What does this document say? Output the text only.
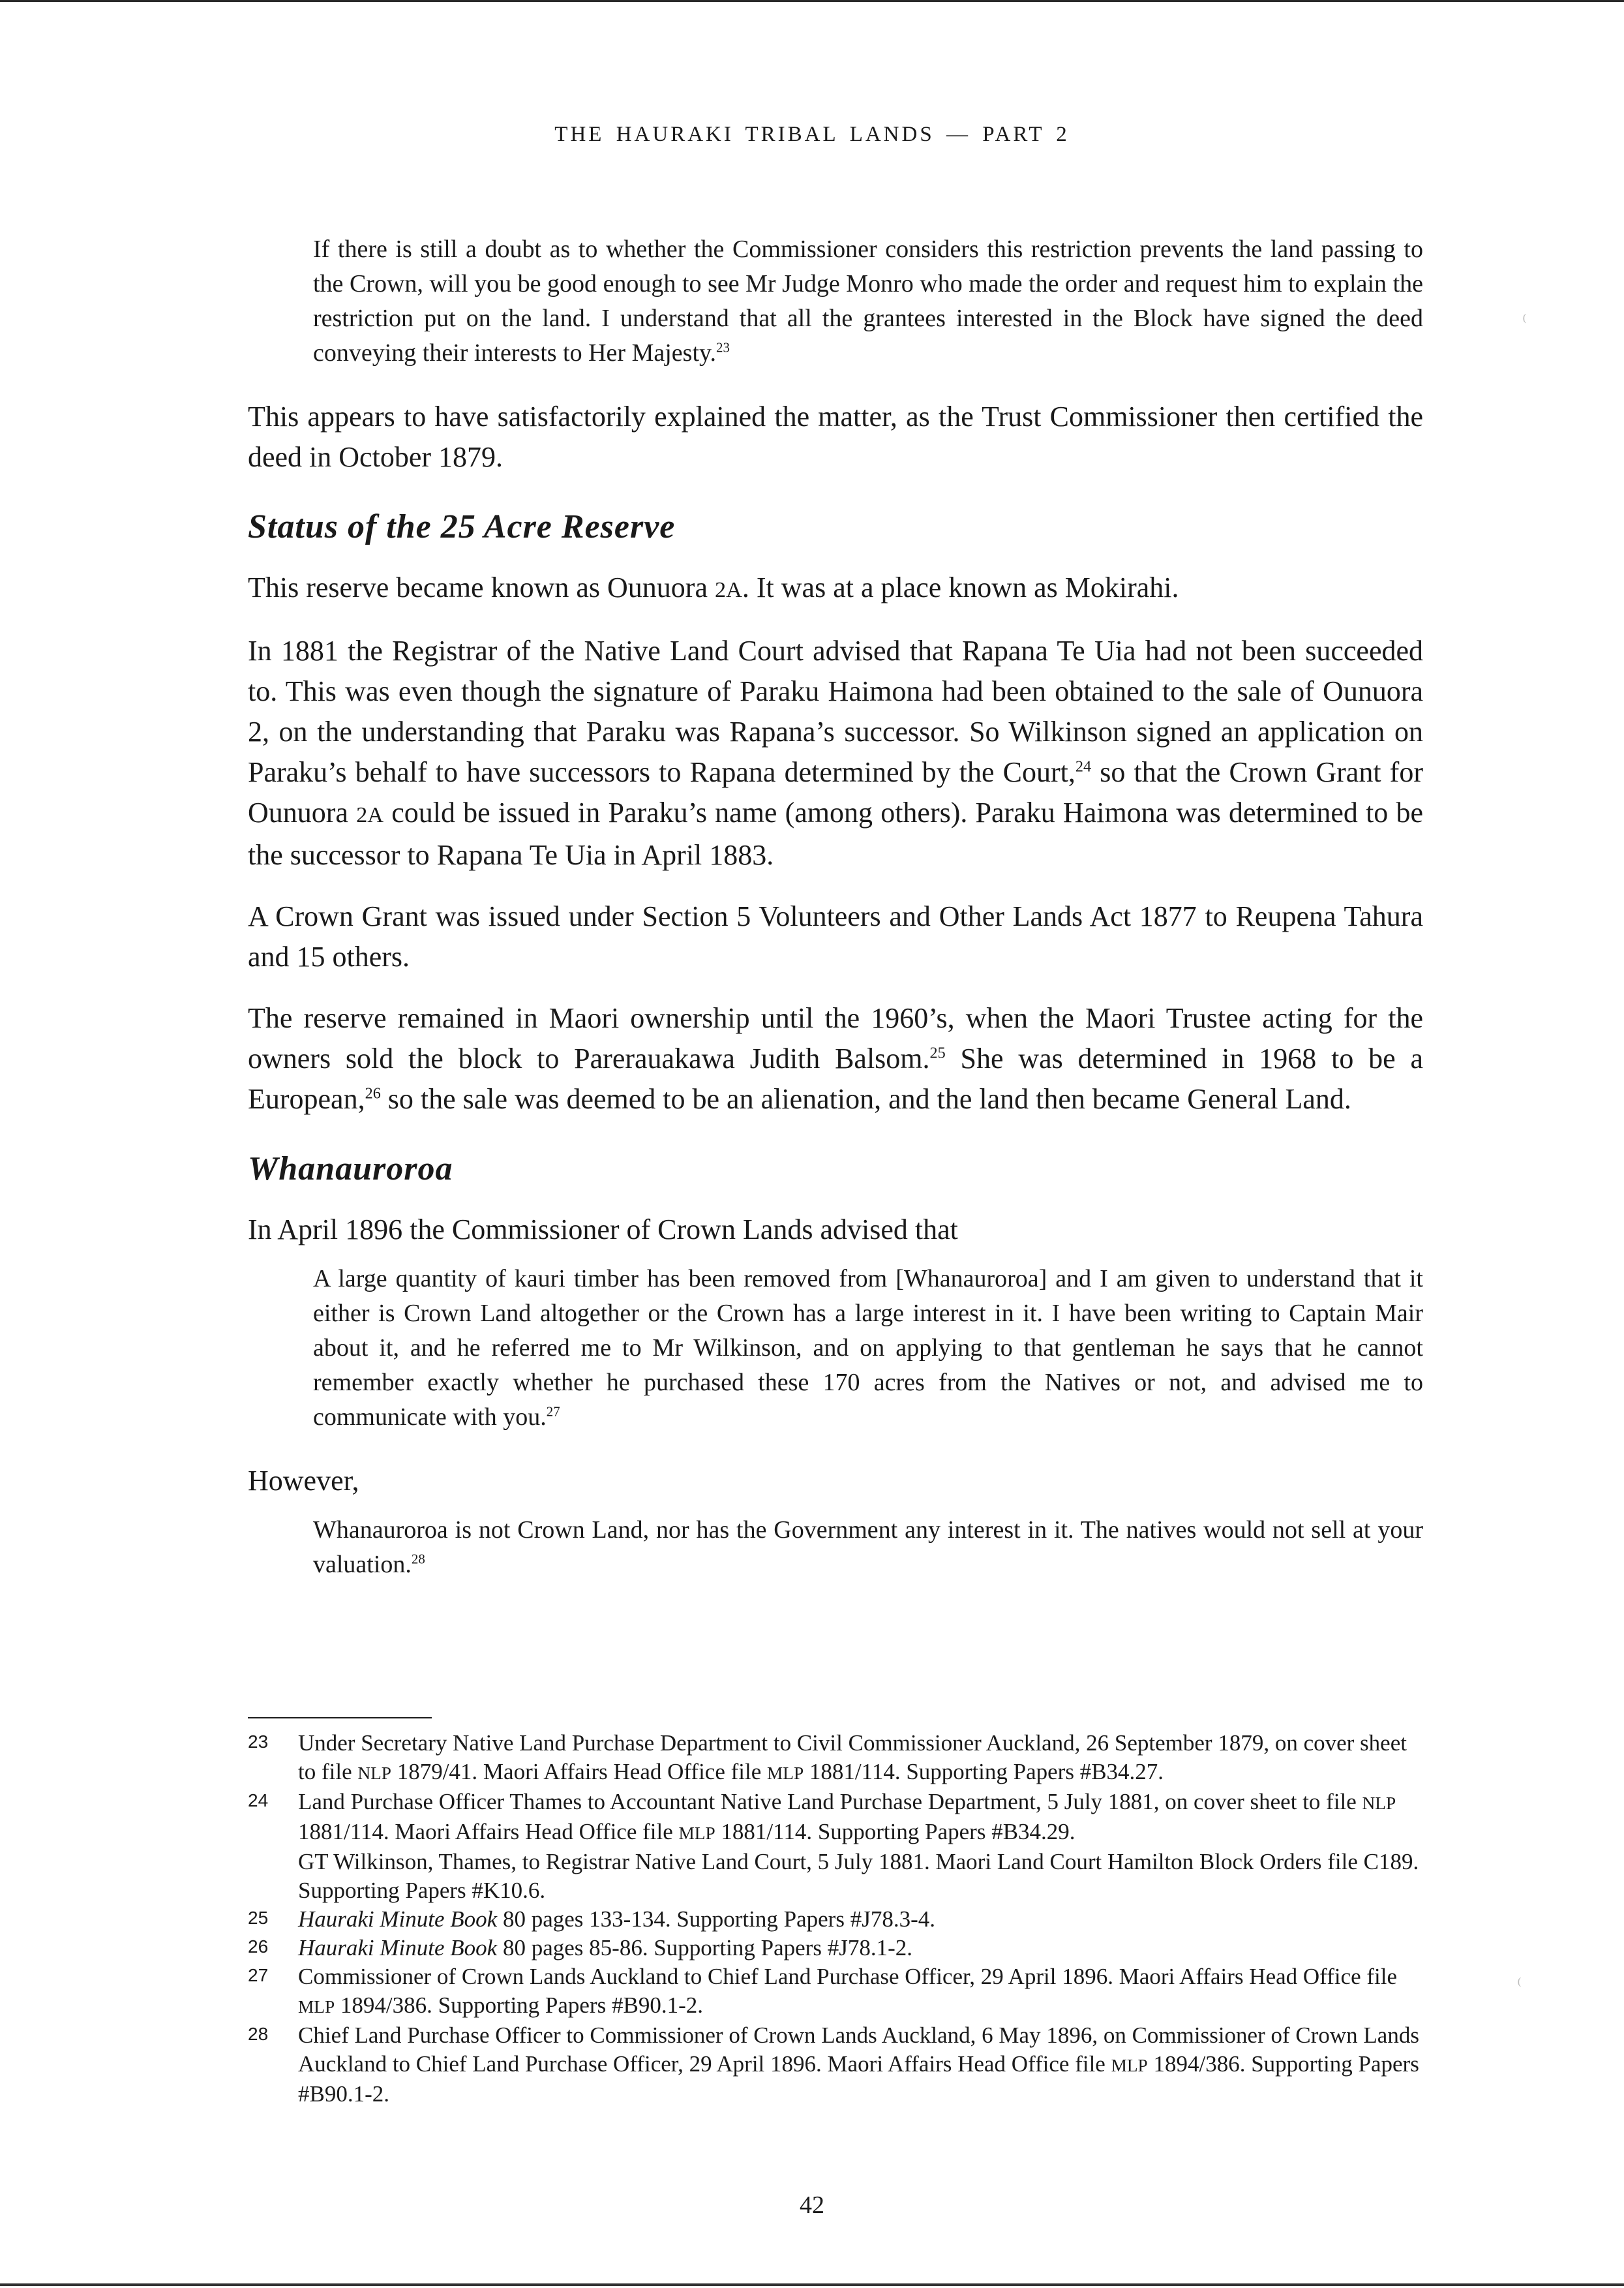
THE HAURAKI TRIBAL LANDS — PART 2
⁽
⁽

If there is still a doubt as to whether the Commissioner considers this restriction prevents the land passing to the Crown, will you be good enough to see Mr Judge Monro who made the order and request him to explain the restriction put on the land. I understand that all the grantees interested in the Block have signed the deed conveying their interests to Her Majesty.$^{23}$

This appears to have satisfactorily explained the matter, as the Trust Commissioner then certified the deed in October 1879.

Status of the 25 Acre Reserve

This reserve became known as Ounuora 2A. It was at a place known as Mokirahi.

In 1881 the Registrar of the Native Land Court advised that Rapana Te Uia had not been succeeded to. This was even though the signature of Paraku Haimona had been obtained to the sale of Ounuora 2, on the understanding that Paraku was Rapana’s successor. So Wilkinson signed an application on Paraku’s behalf to have successors to Rapana determined by the Court,$^{24}$ so that the Crown Grant for Ounuora 2A could be issued in Paraku’s name (among others). Paraku Haimona was determined to be the successor to Rapana Te Uia in April 1883.

A Crown Grant was issued under Section 5 Volunteers and Other Lands Act 1877 to Reupena Tahura and 15 others.

The reserve remained in Maori ownership until the 1960’s, when the Maori Trustee acting for the owners sold the block to Parerauakawa Judith Balsom.$^{25}$ She was determined in 1968 to be a European,$^{26}$ so the sale was deemed to be an alienation, and the land then became General Land.

Whanauroroa

In April 1896 the Commissioner of Crown Lands advised that

A large quantity of kauri timber has been removed from [Whanauroroa] and I am given to understand that it either is Crown Land altogether or the Crown has a large interest in it. I have been writing to Captain Mair about it, and he referred me to Mr Wilkinson, and on applying to that gentleman he says that he cannot remember exactly whether he purchased these 170 acres from the Natives or not, and advised me to communicate with you.$^{27}$

However,

Whanauroroa is not Crown Land, nor has the Government any interest in it. The natives would not sell at your valuation.$^{28}$

23	Under Secretary Native Land Purchase Department to Civil Commissioner Auckland, 26 September 1879, on cover sheet to file NLP 1879/41. Maori Affairs Head Office file MLP 1881/114. Supporting Papers #B34.27.
24	Land Purchase Officer Thames to Accountant Native Land Purchase Department, 5 July 1881, on cover sheet to file NLP 1881/114. Maori Affairs Head Office file MLP 1881/114. Supporting Papers #B34.29.
GT Wilkinson, Thames, to Registrar Native Land Court, 5 July 1881. Maori Land Court Hamilton Block Orders file C189. Supporting Papers #K10.6.
25	Hauraki Minute Book 80 pages 133-134. Supporting Papers #J78.3-4.
26	Hauraki Minute Book 80 pages 85-86. Supporting Papers #J78.1-2.
27	Commissioner of Crown Lands Auckland to Chief Land Purchase Officer, 29 April 1896. Maori Affairs Head Office file MLP 1894/386. Supporting Papers #B90.1-2.
28	Chief Land Purchase Officer to Commissioner of Crown Lands Auckland, 6 May 1896, on Commissioner of Crown Lands Auckland to Chief Land Purchase Officer, 29 April 1896. Maori Affairs Head Office file MLP 1894/386. Supporting Papers #B90.1-2.
42
